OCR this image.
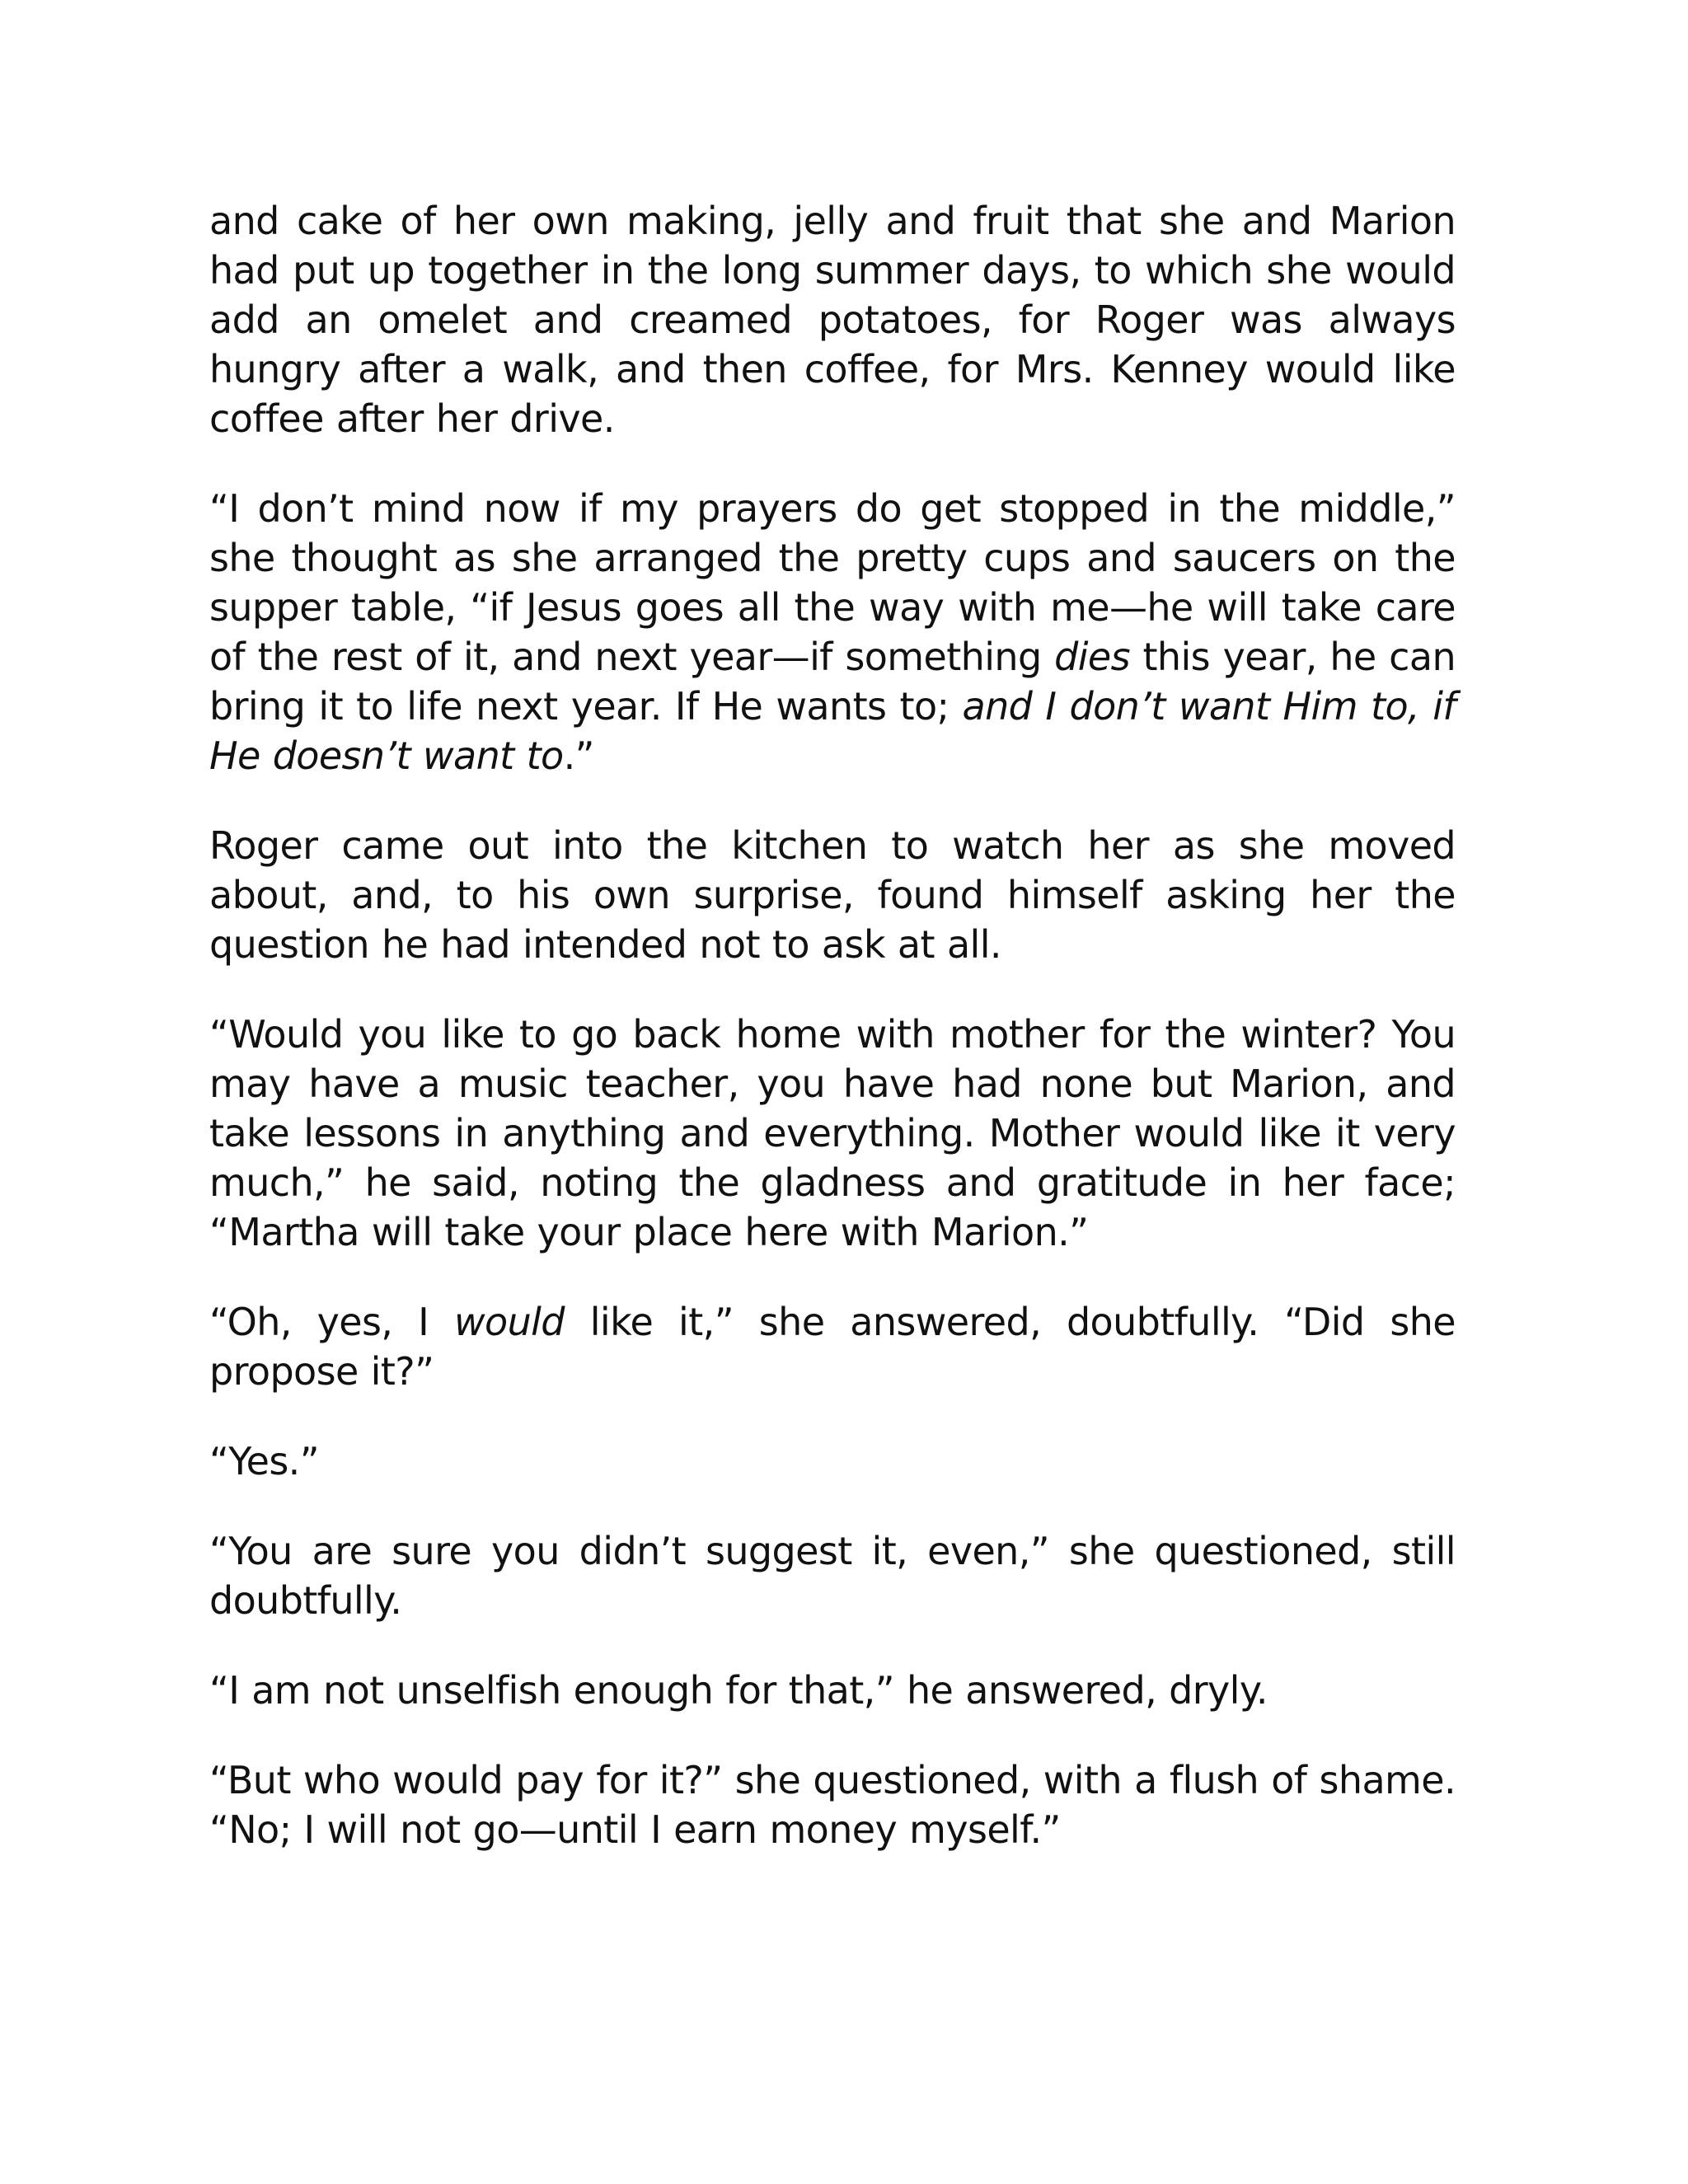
and cake of her own making, jelly and fruit that she and Marion had put up together in the long summer days, to which she would add an omelet and creamed potatoes, for Roger was always hungry after a walk, and then coffee, for Mrs. Kenney would like coffee after her drive.

“I don’t mind now if my prayers do get stopped in the middle,” she thought as she arranged the pretty cups and saucers on the supper table, “if Jesus goes all the way with me—he will take care of the rest of it, and next year—if something dies this year, he can bring it to life next year. If He wants to; and I don’t want Him to, if He doesn’t want to.”

Roger came out into the kitchen to watch her as she moved about, and, to his own surprise, found himself asking her the question he had intended not to ask at all.

“Would you like to go back home with mother for the winter? You may have a music teacher, you have had none but Marion, and take lessons in anything and everything. Mother would like it very much,” he said, noting the gladness and gratitude in her face; “Martha will take your place here with Marion.”

“Oh, yes, I would like it,” she answered, doubtfully. “Did she propose it?”

“Yes.”

“You are sure you didn’t suggest it, even,” she questioned, still doubtfully.

“I am not unselfish enough for that,” he answered, dryly.

“But who would pay for it?” she questioned, with a flush of shame. “No; I will not go—until I earn money myself.”
